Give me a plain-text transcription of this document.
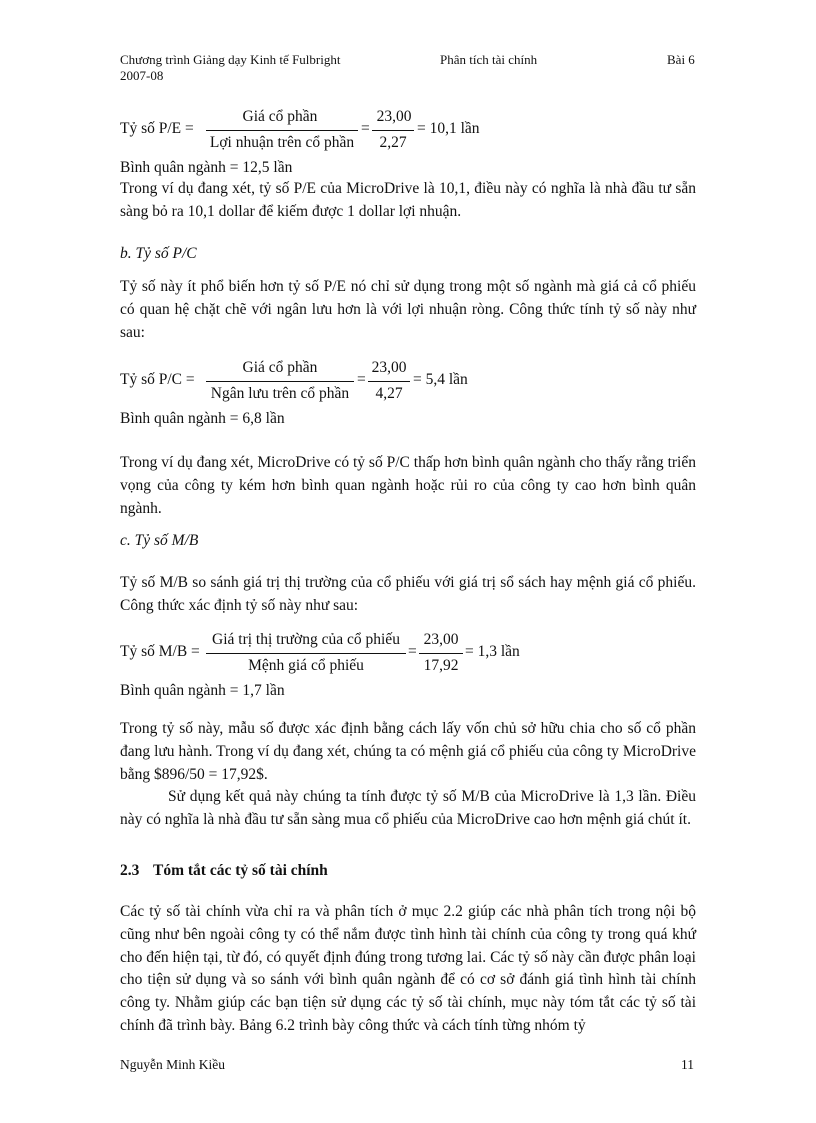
Chương trình Giảng dạy Kinh tế Fulbright
2007-08
Phân tích tài chính	Bài 6
Tỷ số P/E =
Giá cổ phần
Lợi nhuận trên cổ phần
=
23,00
2,27
= 10,1 lần
Bình quân ngành = 12,5 lần
Trong ví dụ đang xét, tỷ số P/E của MicroDrive là 10,1, điều này có nghĩa là nhà đầu tư sẵn sàng bỏ ra 10,1 dollar để kiếm được 1 dollar lợi nhuận.
b. Tỷ số P/C
Tỷ số này ít phổ biến hơn tỷ số P/E nó chỉ sử dụng trong một số ngành mà giá cả cổ phiếu có quan hệ chặt chẽ với ngân lưu hơn là với lợi nhuận ròng. Công thức tính tỷ số này như sau:
Tỷ số P/C =
Giá cổ phần
Ngân lưu trên cổ phần
=
23,00
4,27
= 5,4 lần
Bình quân ngành = 6,8 lần
Trong ví dụ đang xét, MicroDrive có tỷ số P/C thấp hơn bình quân ngành cho thấy rằng triển vọng của công ty kém hơn bình quan ngành hoặc rủi ro của công ty cao hơn bình quân ngành.
c. Tỷ số M/B
Tỷ số M/B so sánh giá trị thị trường của cổ phiếu với giá trị sổ sách hay mệnh giá cổ phiếu. Công thức xác định tỷ số này như sau:
Tỷ số M/B =
Giá trị thị trường của cổ phiếu
Mệnh giá cổ phiếu
=
23,00
17,92
= 1,3 lần
Bình quân ngành = 1,7 lần
Trong tỷ số này, mẫu số được xác định bằng cách lấy vốn chủ sở hữu chia cho số cổ phần đang lưu hành. Trong ví dụ đang xét, chúng ta có mệnh giá cổ phiếu của công ty MicroDrive bằng $896/50 = 17,92$.
Sử dụng kết quả này chúng ta tính được tỷ số M/B của MicroDrive là 1,3 lần. Điều này có nghĩa là nhà đầu tư sẵn sàng mua cổ phiếu của MicroDrive cao hơn mệnh giá chút ít.
2.3 Tóm tắt các tỷ số tài chính
Các tỷ số tài chính vừa chỉ ra và phân tích ở mục 2.2 giúp các nhà phân tích trong nội bộ cũng như bên ngoài công ty có thể nắm được tình hình tài chính của công ty trong quá khứ cho đến hiện tại, từ đó, có quyết định đúng trong tương lai. Các tỷ số này cần được phân loại cho tiện sử dụng và so sánh với bình quân ngành để có cơ sở đánh giá tình hình tài chính công ty. Nhằm giúp các bạn tiện sử dụng các tỷ số tài chính, mục này tóm tắt các tỷ số tài chính đã trình bày. Bảng 6.2 trình bày công thức và cách tính từng nhóm tỷ
Nguyễn Minh Kiều	11
